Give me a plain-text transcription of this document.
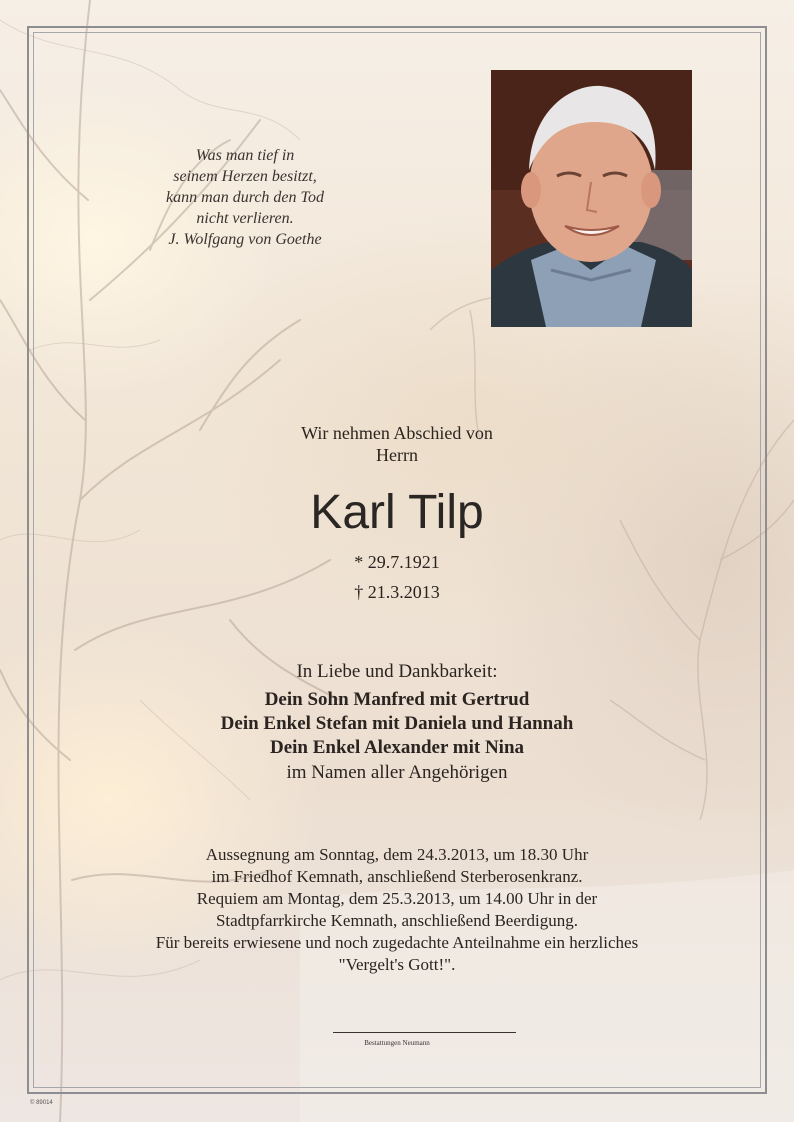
Was man tief in
seinem Herzen besitzt,
kann man durch den Tod
nicht verlieren.
J. Wolfgang von Goethe
Wir nehmen Abschied von
Herrn
Karl Tilp
* 29.7.1921
† 21.3.2013
In Liebe und Dankbarkeit:
Dein Sohn Manfred mit Gertrud
Dein Enkel Stefan mit Daniela und Hannah
Dein Enkel Alexander mit Nina
im Namen aller Angehörigen
Aussegnung am Sonntag, dem 24.3.2013, um 18.30 Uhr
im Friedhof Kemnath, anschließend Sterberosenkranz.
Requiem am Montag, dem 25.3.2013, um 14.00 Uhr in der
Stadtpfarrkirche Kemnath, anschließend Beerdigung.
Für bereits erwiesene und noch zugedachte Anteilnahme ein herzliches
"Vergelt's Gott!".
Bestattungen Neumann
© 89014
